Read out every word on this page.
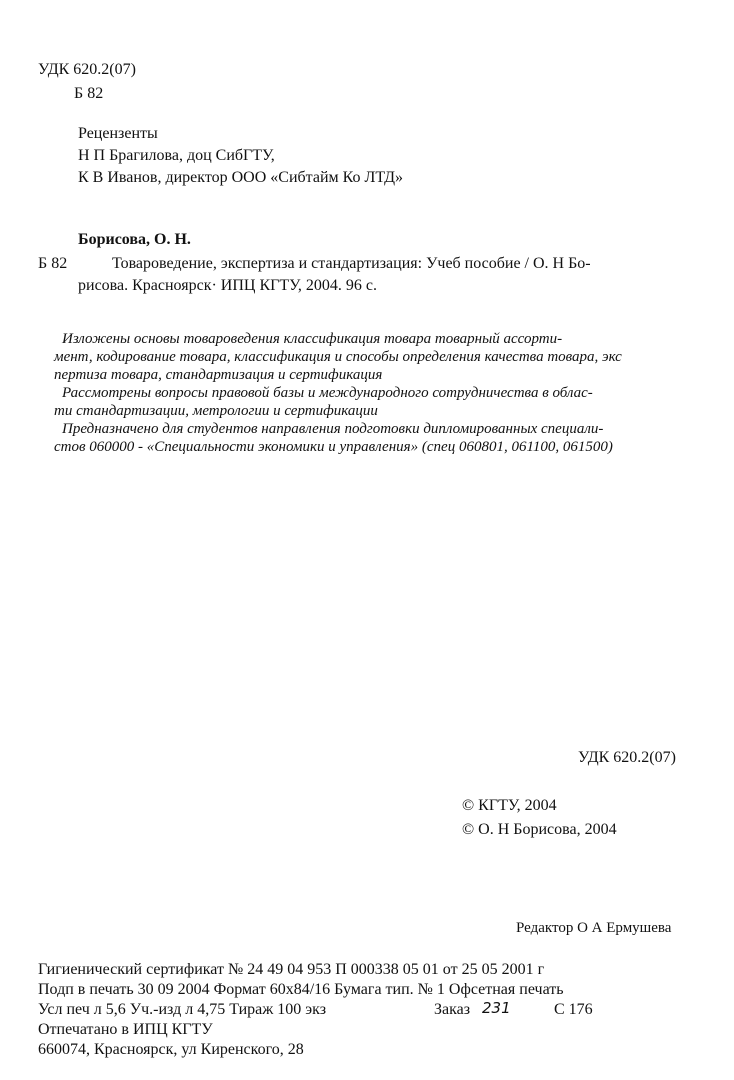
УДК 620.2(07)
Б 82
Рецензенты
Н П Брагилова, доц СибГТУ,
К В Иванов, директор ООО «Сибтайм Ко ЛТД»
Борисова, О. Н.
Б 82	Товароведение, экспертиза и стандартизация: Учеб пособие / О. Н Бо-
рисова. Красноярск· ИПЦ КГТУ, 2004. 96 с.

Изложены основы товароведения классификация товара товарный ассорти-

мент, кодирование товара, классификация и способы определения качества товара, экс

пертиза товара, стандартизация и сертификация

Рассмотрены вопросы правовой базы и международного сотрудничества в облас-

ти стандартизации, метрологии и сертификации

Предназначено для студентов направления подготовки дипломированных специали-

стов 060000 - «Специальности экономики и управления» (спец 060801, 061100, 061500)

УДК 620.2(07)
© КГТУ, 2004
© О. Н Борисова, 2004
Редактор О А Ермушева
Гигиенический сертификат № 24 49 04 953 П 000338 05 01 от 25 05 2001 г
Подп в печать 30 09 2004 Формат 60x84/16 Бумага тип. № 1 Офсетная печать
Усл печ л 5,6 Уч.-изд л 4,75 Тираж 100 экз	Заказ 231	С 176
Отпечатано в ИПЦ КГТУ
660074, Красноярск, ул Киренского, 28
